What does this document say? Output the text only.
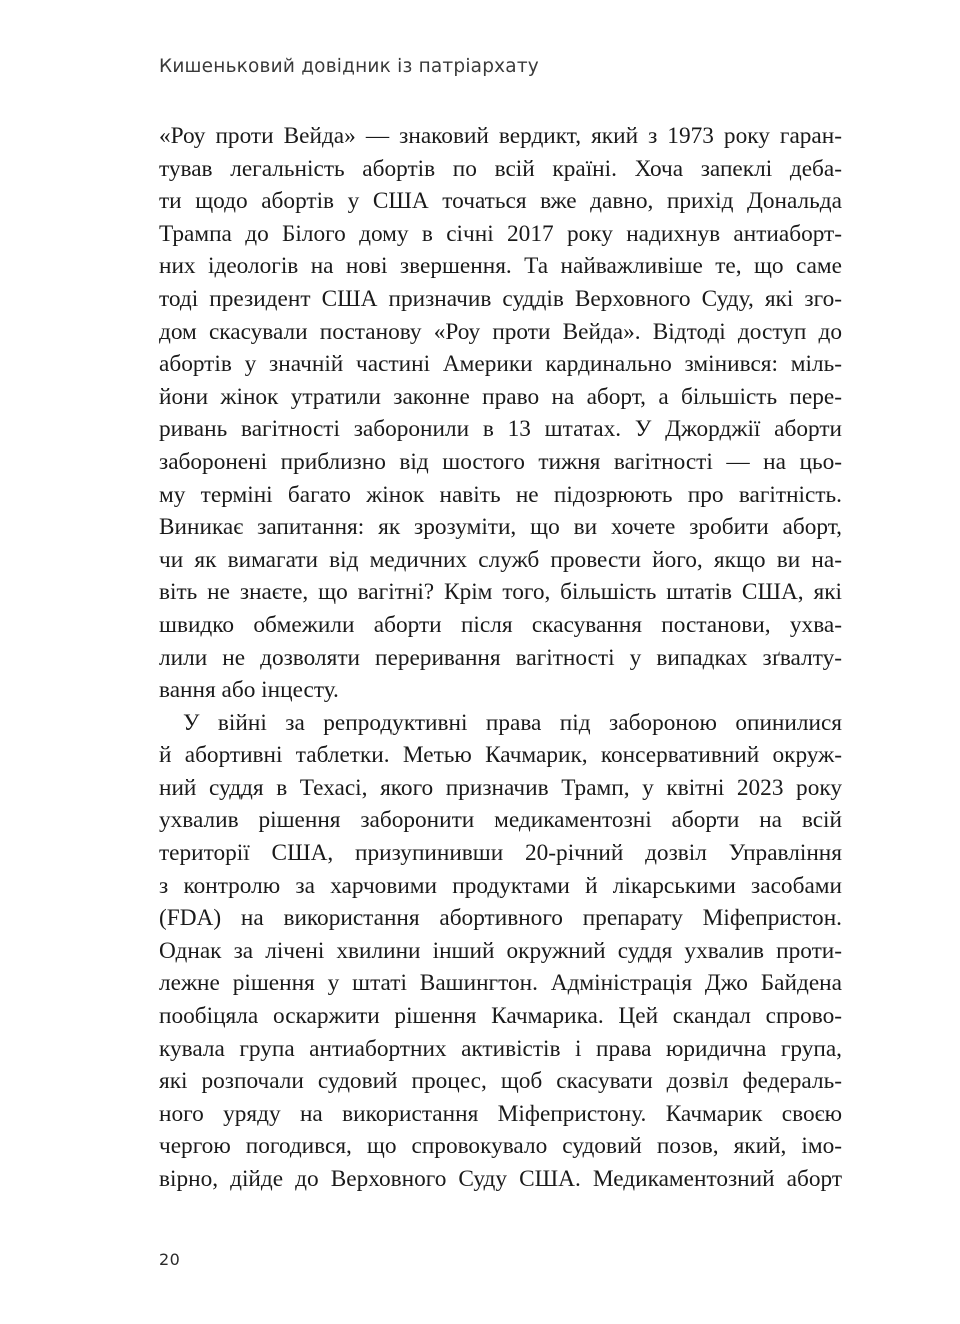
Кишеньковий довідник із патріархату

«Роу проти Вейда» — знаковий вердикт, який з 1973 року гаран-
тував легальність абортів по всій країні. Хоча запеклі деба-
ти щодо абортів у США точаться вже давно, прихід Дональда
Трампа до Білого дому в січні 2017 року надихнув антиаборт-
них ідеологів на нові звершення. Та найважливіше те, що саме
тоді президент США призначив суддів Верховного Суду, які зго-
дом скасували постанову «Роу проти Вейда». Відтоді доступ до
абортів у значній частині Америки кардинально змінився: міль-
йони жінок утратили законне право на аборт, а більшість пере-
ривань вагітності заборонили в 13 штатах. У Джорджії аборти
заборонені приблизно від шостого тижня вагітності — на цьо-
му терміні багато жінок навіть не підозрюють про вагітність.
Виникає запитання: як зрозуміти, що ви хочете зробити аборт,
чи як вимагати від медичних служб провести його, якщо ви на-
віть не знаєте, що вагітні? Крім того, більшість штатів США, які
швидко обмежили аборти після скасування постанови, ухва-
лили не дозволяти переривання вагітності у випадках зґвалту-
вання або інцесту.

У війні за репродуктивні права під забороною опинилися
й абортивні таблетки. Метью Качмарик, консервативний окруж-
ний суддя в Техасі, якого призначив Трамп, у квітні 2023 року
ухвалив рішення заборонити медикаментозні аборти на всій
території США, призупинивши 20-річний дозвіл Управління
з контролю за харчовими продуктами й лікарськими засобами
(FDA) на використання абортивного препарату Міфепристон.
Однак за лічені хвилини інший окружний суддя ухвалив проти-
лежне рішення у штаті Вашингтон. Адміністрація Джо Байдена
пообіцяла оскаржити рішення Качмарика. Цей скандал спрово-
кувала група антиабортних активістів і права юридична група,
які розпочали судовий процес, щоб скасувати дозвіл федераль-
ного уряду на використання Міфепристону. Качмарик своєю
чергою погодився, що спровокувало судовий позов, який, імо-
вірно, дійде до Верховного Суду США. Медикаментозний аборт

20
